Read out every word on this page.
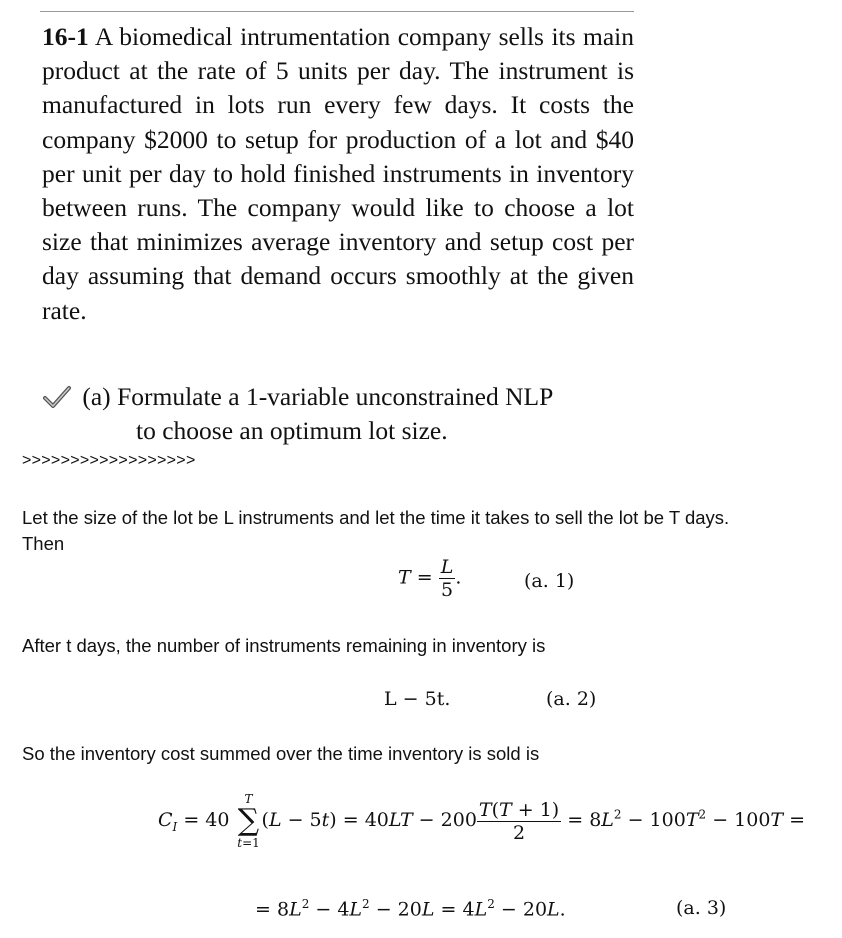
16-1 A biomedical intrumentation company sells its main product at the rate of 5 units per day. The instrument is manufactured in lots run every few days. It costs the company $2000 to setup for production of a lot and $40 per unit per day to hold finished instruments in inventory between runs. The company would like to choose a lot size that minimizes average inventory and setup cost per day assuming that demand occurs smoothly at the given rate.
(a) Formulate a 1-variable unconstrained NLP
to choose an optimum lot size.
>>>>>>>>>>>>>>>>>>
Let the size of the lot be L instruments and let the time it takes to sell the lot be T days.
Then
$T = \frac{L}{5}$ .	(a. 1)
After t days, the number of instruments remaining in inventory is
L − 5t.	(a. 2)
So the inventory cost summed over the time inventory is sold is
$C_I = 40$
T
∑
t=1
$(L - 5t) = 40LT - 200 \frac{T(T + 1)}{2} = 8L^2 - 100T^2 - 100T$ =
= $8L^2 - 4L^2 - 20L = 4L^2 - 20L$.	(a. 3)
